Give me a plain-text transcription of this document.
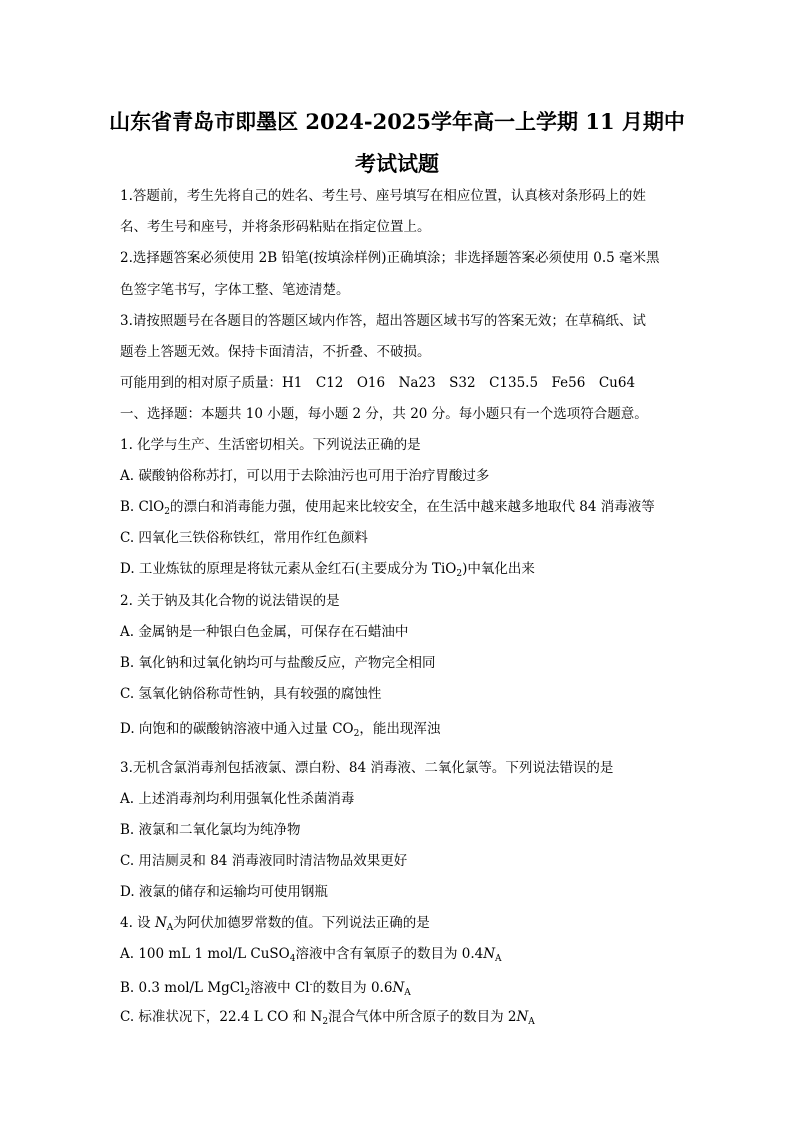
山东省青岛市即墨区 2024-2025学年高一上学期 11 月期中
考试试题
1.答题前，考生先将自己的姓名、考生号、座号填写在相应位置，认真核对条形码上的姓
名、考生号和座号，并将条形码粘贴在指定位置上。
2.选择题答案必须使用 2B 铅笔(按填涂样例)正确填涂；非选择题答案必须使用 0.5 毫米黑
色签字笔书写，字体工整、笔迹清楚。
3.请按照题号在各题目的答题区域内作答，超出答题区域书写的答案无效；在草稿纸、试
题卷上答题无效。保持卡面清洁，不折叠、不破损。
可能用到的相对原子质量：H1　C12　O16　Na23　S32　C135.5　Fe56　Cu64
一、选择题：本题共 10 小题，每小题 2 分，共 20 分。每小题只有一个选项符合题意。
1. 化学与生产、生活密切相关。下列说法正确的是
A. 碳酸钠俗称苏打，可以用于去除油污也可用于治疗胃酸过多
B. ClO$_2$的漂白和消毒能力强，使用起来比较安全，在生活中越来越多地取代 84 消毒液等
C. 四氧化三铁俗称铁红，常用作红色颜料
D. 工业炼钛的原理是将钛元素从金红石(主要成分为 TiO$_2$)中氧化出来
2. 关于钠及其化合物的说法错误的是
A. 金属钠是一种银白色金属，可保存在石蜡油中
B. 氧化钠和过氧化钠均可与盐酸反应，产物完全相同
C. 氢氧化钠俗称苛性钠，具有较强的腐蚀性
D. 向饱和的碳酸钠溶液中通入过量 $CO_2$，能出现浑浊
3.无机含氯消毒剂包括液氯、漂白粉、84 消毒液、二氧化氯等。下列说法错误的是
A. 上述消毒剂均利用强氧化性杀菌消毒
B. 液氯和二氧化氯均为纯净物
C. 用洁厕灵和 84 消毒液同时清洁物品效果更好
D. 液氯的储存和运输均可使用钢瓶
4. 设 $N_A$为阿伏加德罗常数的值。下列说法正确的是
A. 100 mL 1 mol/L CuSO$_4$溶液中含有氧原子的数目为 $0.4N_A$
B. 0.3 mol/L MgCl$_2$溶液中 Cl-的数目为 $0.6N_A$
C. 标准状况下，22.4 L CO 和 $N_2$混合气体中所含原子的数目为 $2N_A$
